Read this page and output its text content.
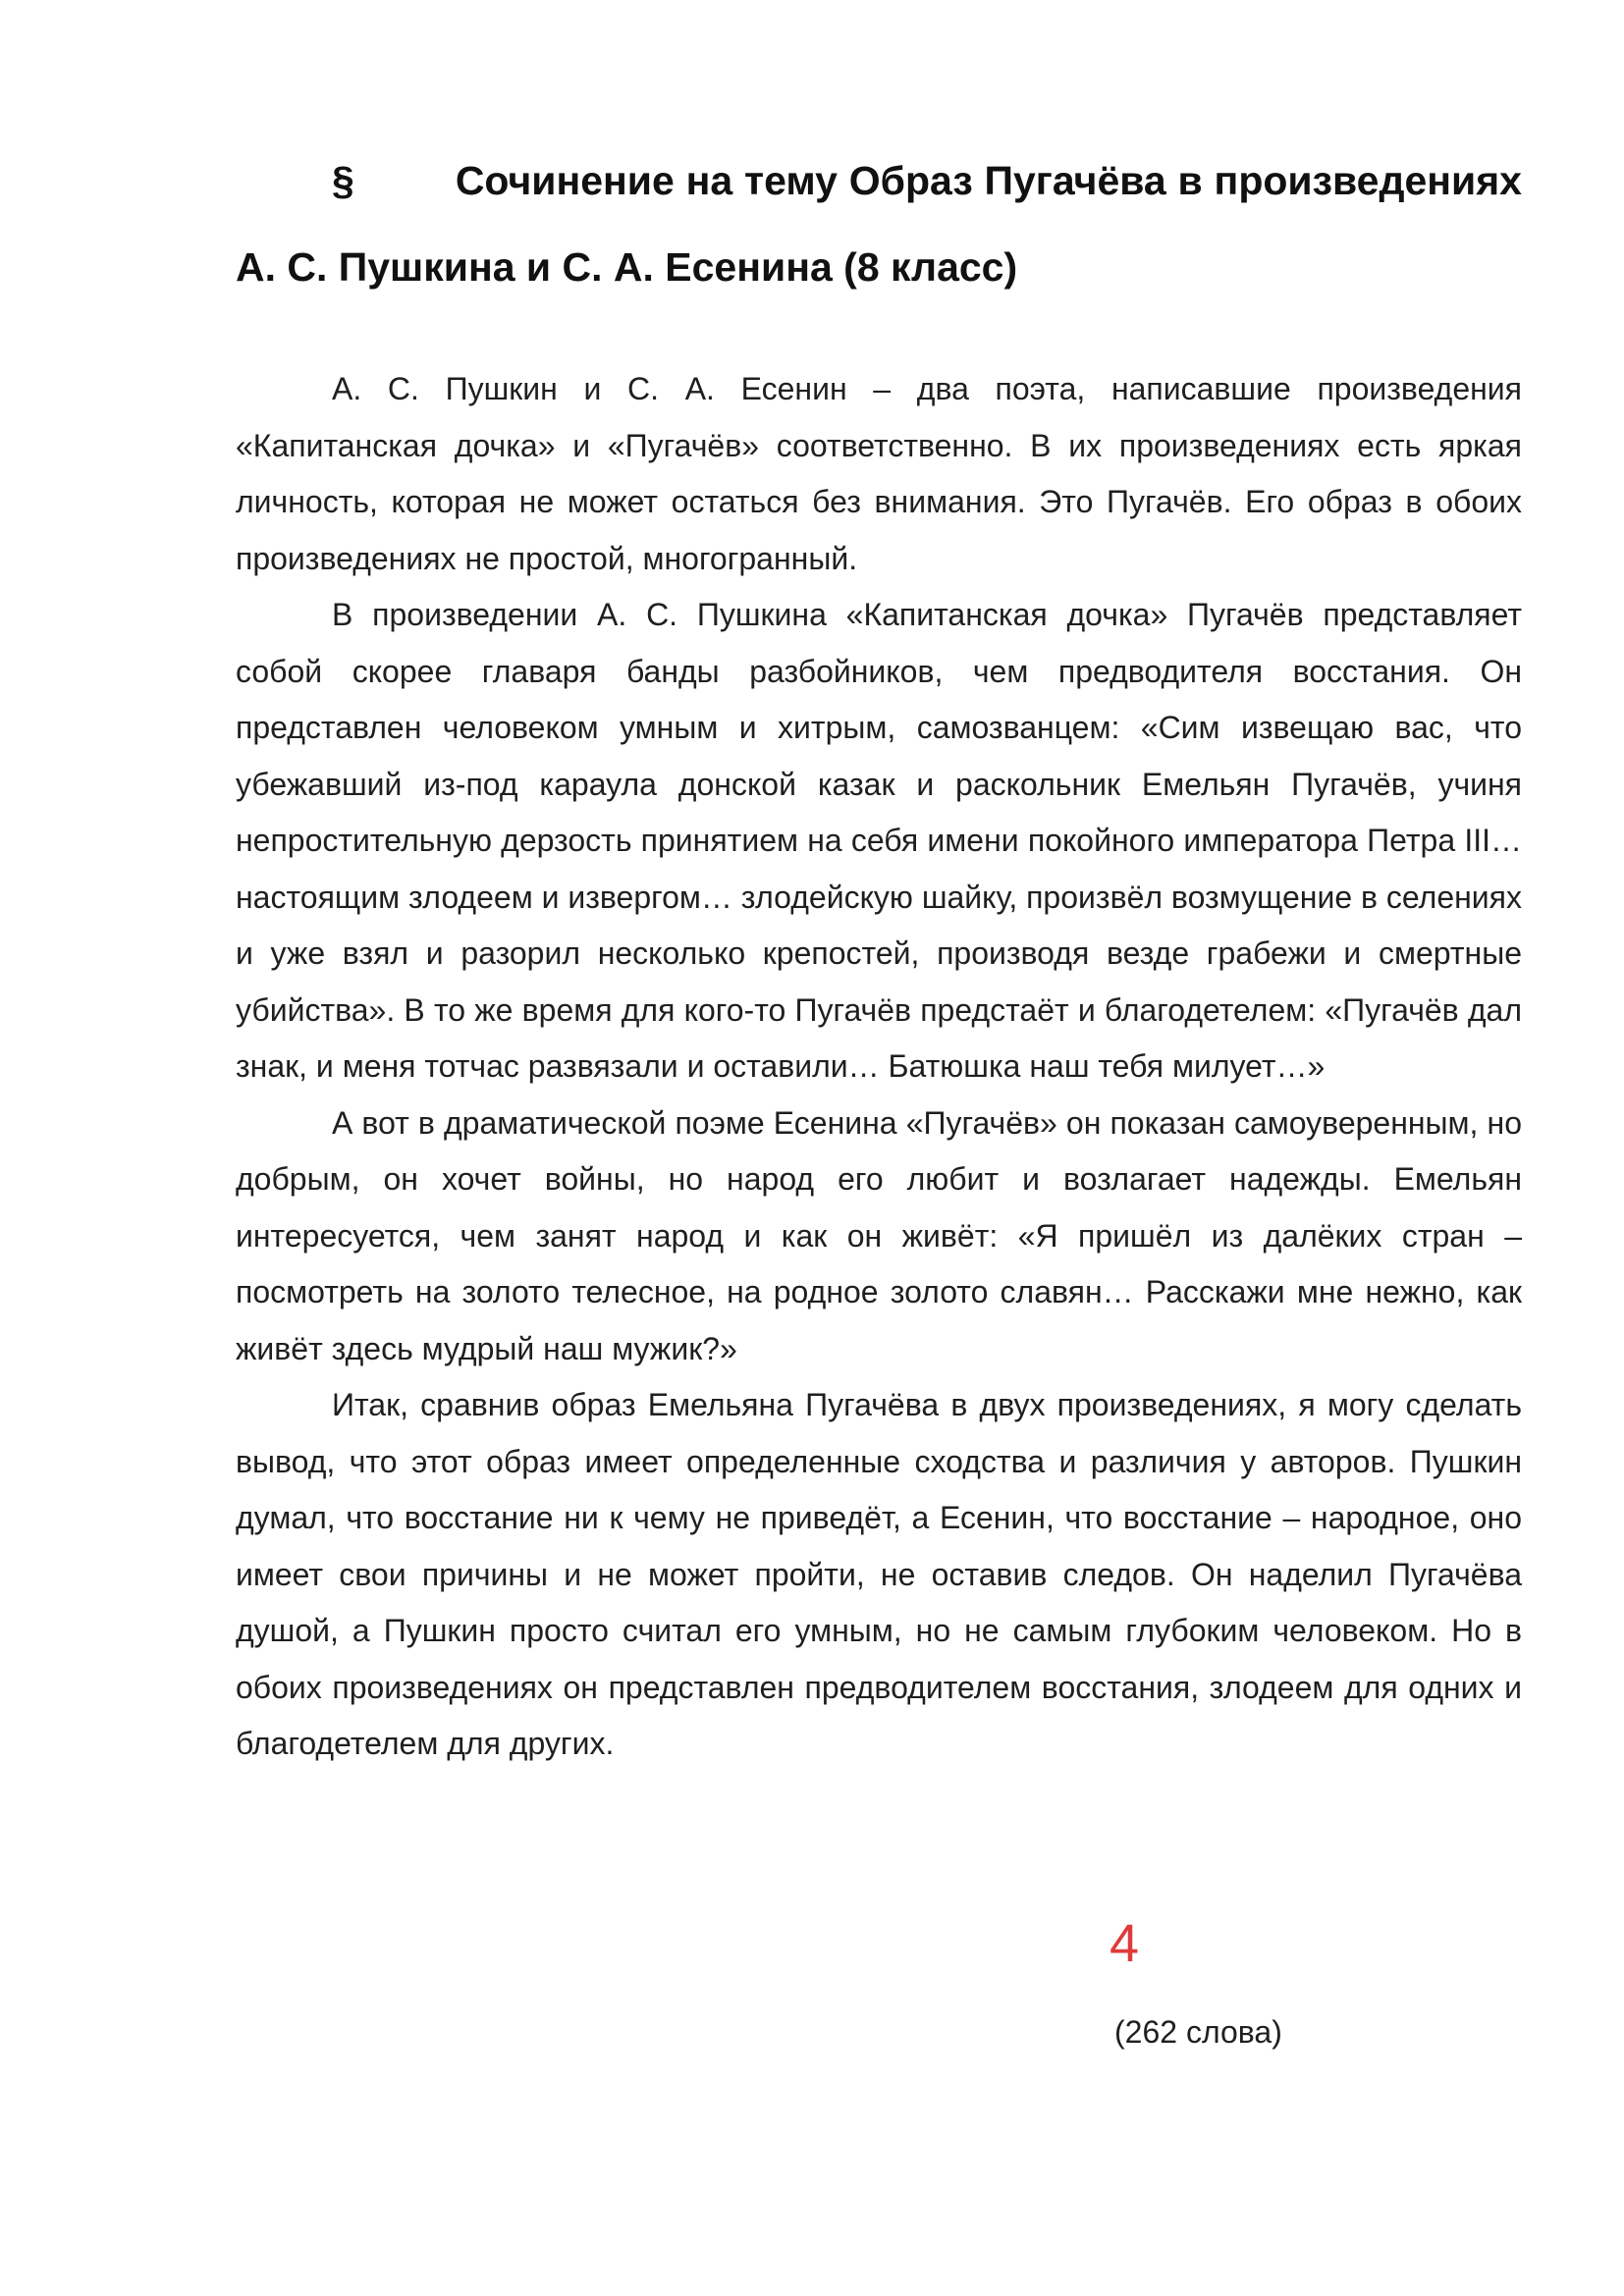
§	Сочинение на тему Образ Пугачёва в произведениях А. С. Пушкина и С. А. Есенина (8 класс)

А. С. Пушкин и С. А. Есенин – два поэта, написавшие произведения «Капитанская дочка» и «Пугачёв» соответственно. В их произведениях есть яркая личность, которая не может остаться без внимания. Это Пугачёв. Его образ в обоих произведениях не простой, многогранный.

В произведении А. С. Пушкина «Капитанская дочка» Пугачёв представляет собой скорее главаря банды разбойников, чем предводителя восстания. Он представлен человеком умным и хитрым, самозванцем: «Сим извещаю вас, что убежавший из-под караула донской казак и раскольник Емельян Пугачёв, учиня непростительную дерзость принятием на себя имени покойного императора Петра III… настоящим злодеем и извергом… злодейскую шайку, произвёл возмущение в селениях и уже взял и разорил несколько крепостей, производя везде грабежи и смертные убийства». В то же время для кого-то Пугачёв предстаёт и благодетелем: «Пугачёв дал знак, и меня тотчас развязали и оставили… Батюшка наш тебя милует…»

А вот в драматической поэме Есенина «Пугачёв» он показан самоуверенным, но добрым, он хочет войны, но народ его любит и возлагает надежды. Емельян интересуется, чем занят народ и как он живёт: «Я пришёл из далёких стран – посмотреть на золото телесное, на родное золото славян… Расскажи мне нежно, как живёт здесь мудрый наш мужик?»

Итак, сравнив образ Емельяна Пугачёва в двух произведениях, я могу сделать вывод, что этот образ имеет определенные сходства и различия у авторов. Пушкин думал, что восстание ни к чему не приведёт, а Есенин, что восстание – народное, оно имеет свои причины и не может пройти, не оставив следов. Он наделил Пугачёва душой, а Пушкин просто считал его умным, но не самым глубоким человеком. Но в обоих произведениях он представлен предводителем восстания, злодеем для одних и благодетелем для других.

4
(262 слова)
